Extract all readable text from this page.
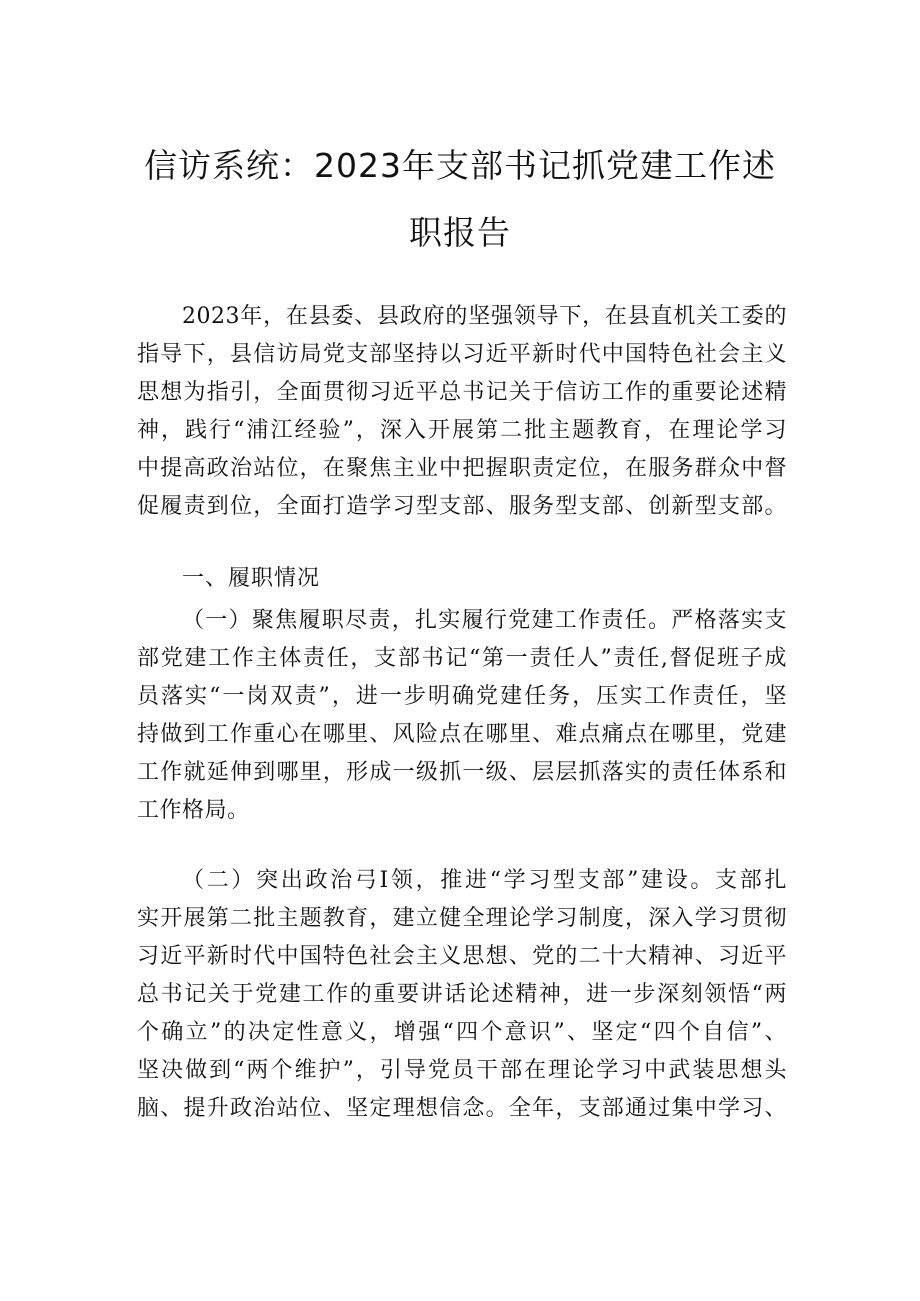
信访系统：2023年支部书记抓党建工作述
职报告
2023年，在县委、县政府的坚强领导下，在县直机关工委的
指导下，县信访局党支部坚持以习近平新时代中国特色社会主义
思想为指引，全面贯彻习近平总书记关于信访工作的重要论述精
神，践行“浦江经验”，深入开展第二批主题教育，在理论学习
中提高政治站位，在聚焦主业中把握职责定位，在服务群众中督
促履责到位，全面打造学习型支部、服务型支部、创新型支部。
一、履职情况
（一）聚焦履职尽责，扎实履行党建工作责任。严格落实支
部党建工作主体责任，支部书记“第一责任人”责任,督促班子成
员落实“一岗双责”，进一步明确党建任务，压实工作责任，坚
持做到工作重心在哪里、风险点在哪里、难点痛点在哪里，党建
工作就延伸到哪里，形成一级抓一级、层层抓落实的责任体系和
工作格局。
（二）突出政治弓I领，推进“学习型支部”建设。支部扎
实开展第二批主题教育，建立健全理论学习制度，深入学习贯彻
习近平新时代中国特色社会主义思想、党的二十大精神、习近平
总书记关于党建工作的重要讲话论述精神，进一步深刻领悟“两
个确立”的决定性意义，增强“四个意识”、坚定“四个自信”、
坚决做到“两个维护”，引导党员干部在理论学习中武装思想头
脑、提升政治站位、坚定理想信念。全年，支部通过集中学习、
